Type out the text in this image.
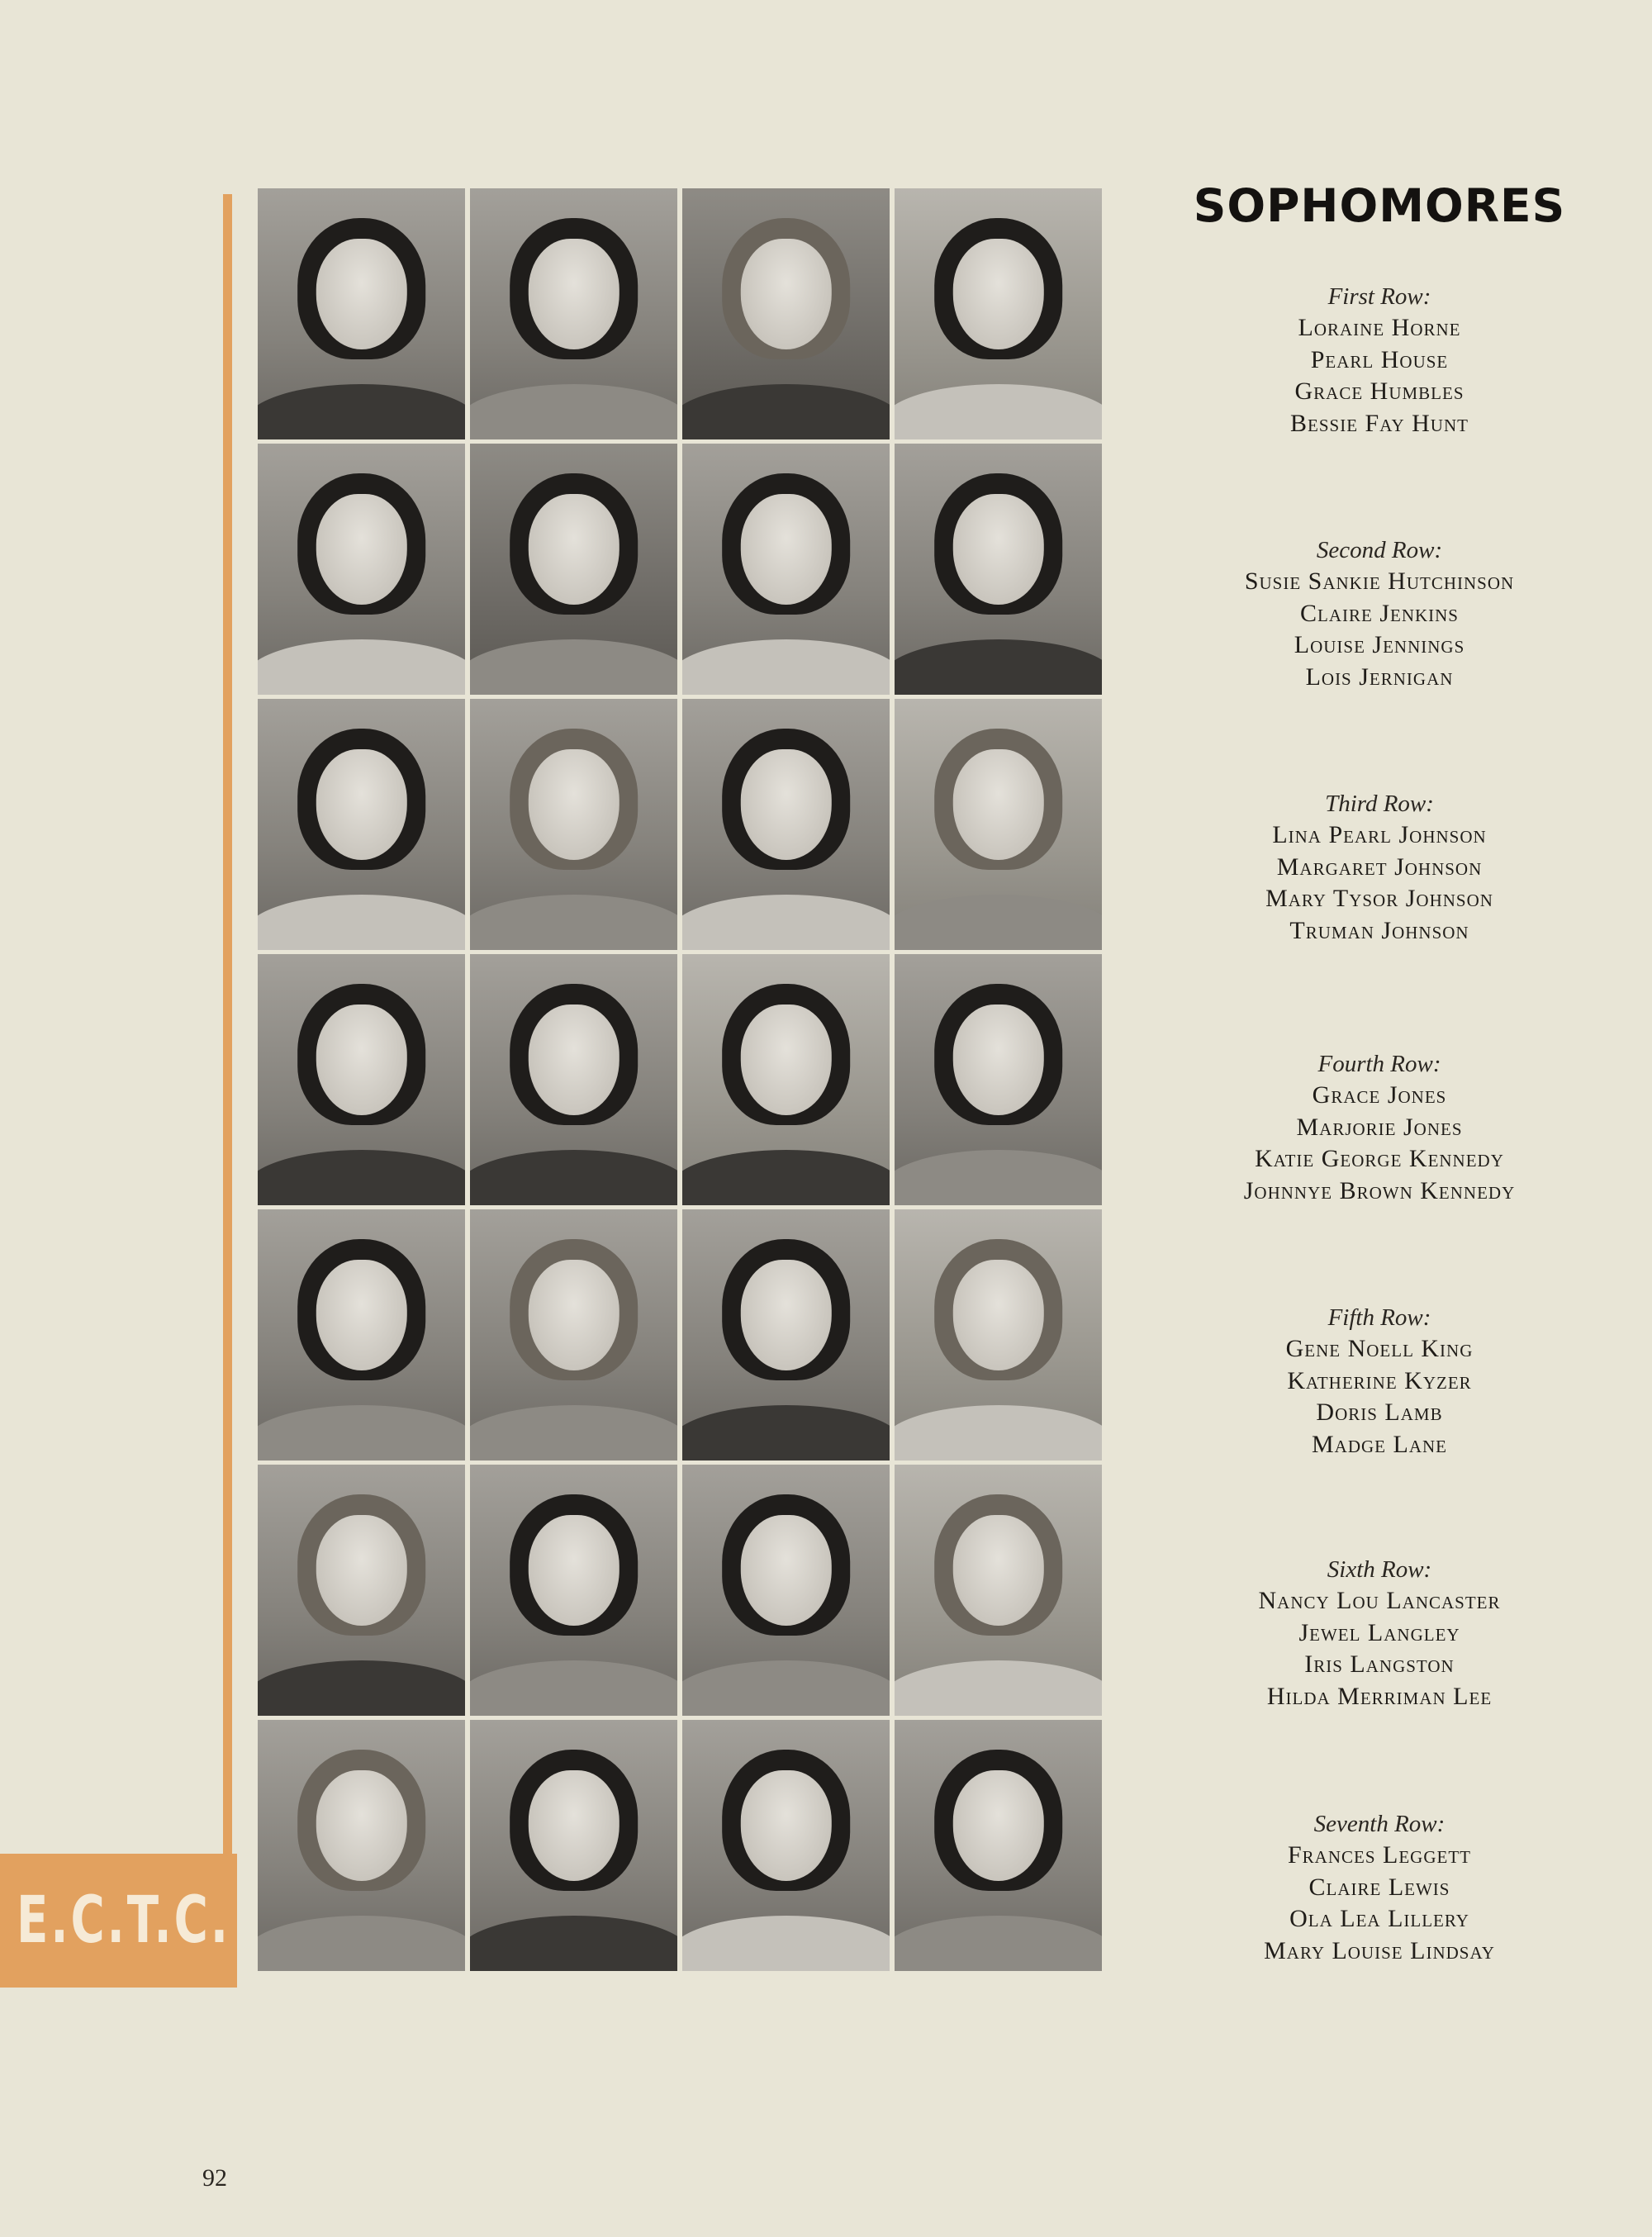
E.C.T.C.
SOPHOMORES
First Row:
Loraine Horne
Pearl House
Grace Humbles
Bessie Fay Hunt
Second Row:
Susie Sankie Hutchinson
Claire Jenkins
Louise Jennings
Lois Jernigan
Third Row:
Lina Pearl Johnson
Margaret Johnson
Mary Tysor Johnson
Truman Johnson
Fourth Row:
Grace Jones
Marjorie Jones
Katie George Kennedy
Johnnye Brown Kennedy
Fifth Row:
Gene Noell King
Katherine Kyzer
Doris Lamb
Madge Lane
Sixth Row:
Nancy Lou Lancaster
Jewel Langley
Iris Langston
Hilda Merriman Lee
Seventh Row:
Frances Leggett
Claire Lewis
Ola Lea Lillery
Mary Louise Lindsay
92
